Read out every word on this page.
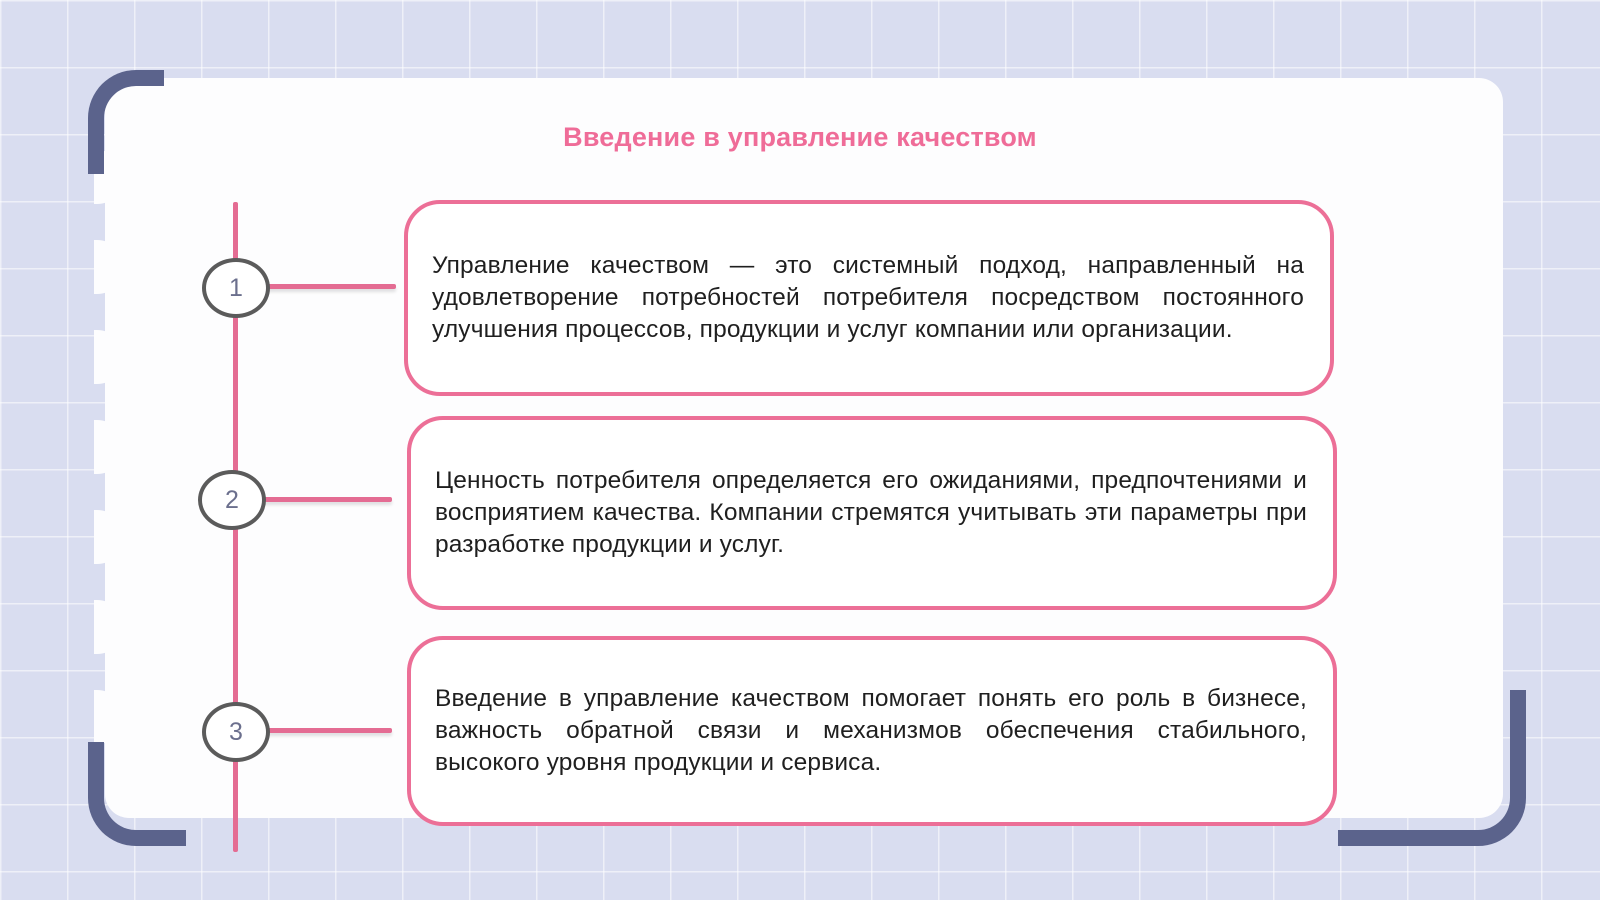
Введение в управление качеством
1

Управление качеством — это системный подход, направленный на удовлетворение потребностей потребителя посредством постоянного улучшения процессов, продукции и услуг компании или организации.

2

Ценность потребителя определяется его ожиданиями, предпочтениями и восприятием качества. Компании стремятся учитывать эти параметры при разработке продукции и услуг.

3

Введение в управление качеством помогает понять его роль в бизнесе, важность обратной связи и механизмов обеспечения стабильного, высокого уровня продукции и сервиса.
